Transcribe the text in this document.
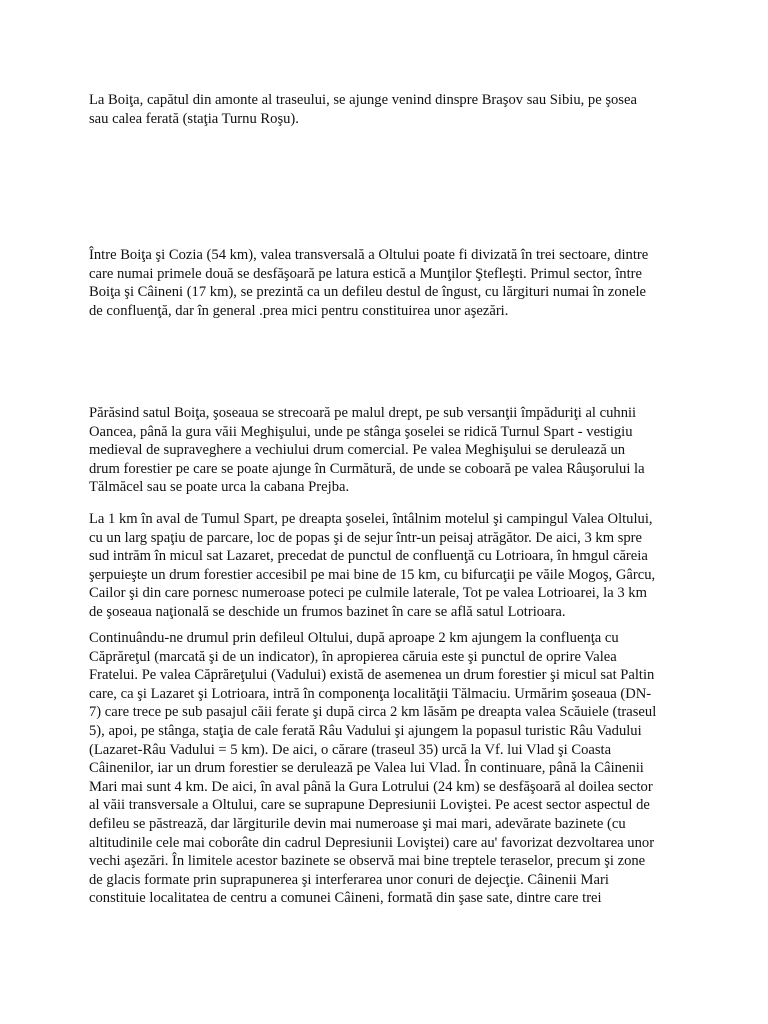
La Boiţa, capătul din amonte al traseului, se ajunge venind dinspre Braşov sau Sibiu, pe şosea
sau calea ferată (staţia Turnu Roşu).
Între Boiţa şi Cozia (54 km), valea transversală a Oltului poate fi divizată în trei sectoare, dintre
care numai primele două se desfăşoară pe latura estică a Munţilor Ştefleşti. Primul sector, între
Boiţa şi Câineni (17 km), se prezintă ca un defileu destul de îngust, cu lărgituri numai în zonele
de confluenţă, dar în general .prea mici pentru constituirea unor aşezări.
Părăsind satul Boiţa, şoseaua se strecoară pe malul drept, pe sub versanţii împăduriţi al cuhnii
Oancea, până la gura văii Meghişului, unde pe stânga şoselei se ridică Turnul Spart - vestigiu
medieval de supraveghere a vechiului drum comercial. Pe valea Meghişului se derulează un
drum forestier pe care se poate ajunge în Curmătură, de unde se coboară pe valea Râuşorului la
Tălmăcel sau se poate urca la cabana Prejba.
La 1 km în aval de Tumul Spart, pe dreapta şoselei, întâlnim motelul şi campingul Valea Oltului,
cu un larg spaţiu de parcare, loc de popas şi de sejur într-un peisaj atrăgător. De aici, 3 km spre
sud intrăm în micul sat Lazaret, precedat de punctul de confluenţă cu Lotrioara, în hmgul căreia
şerpuieşte un drum forestier accesibil pe mai bine de 15 km, cu bifurcaţii pe văile Mogoş, Gârcu,
Cailor şi din care pornesc numeroase poteci pe culmile laterale, Tot pe valea Lotrioarei, la 3 km
de şoseaua naţională se deschide un frumos bazinet în care se află satul Lotrioara.
Continuându-ne drumul prin defileul Oltului, după aproape 2 km ajungem la confluenţa cu
Căprăreţul (marcată şi de un indicator), în apropierea căruia este şi punctul de oprire Valea
Fratelui. Pe valea Căprăreţului (Vadului) există de asemenea un drum forestier şi micul sat Paltin
care, ca şi Lazaret şi Lotrioara, intră în componenţa localităţii Tălmaciu. Urmărim şoseaua (DN-
7) care trece pe sub pasajul căii ferate şi după circa 2 km lăsăm pe dreapta valea Scăuiele (traseul
5), apoi, pe stânga, staţia de cale ferată Râu Vadului şi ajungem la popasul turistic Râu Vadului
(Lazaret-Râu Vadului = 5 km). De aici, o cărare (traseul 35) urcă la Vf. lui Vlad şi Coasta
Câinenilor, iar un drum forestier se derulează pe Valea lui Vlad. În continuare, până la Câinenii
Mari mai sunt 4 km. De aici, în aval până la Gura Lotrului (24 km) se desfăşoară al doilea sector
al văii transversale a Oltului, care se suprapune Depresiunii Loviştei. Pe acest sector aspectul de
defileu se păstrează, dar lărgiturile devin mai numeroase şi mai mari, adevărate bazinete (cu
altitudinile cele mai coborâte din cadrul Depresiunii Loviştei) care au' favorizat dezvoltarea unor
vechi aşezări. În limitele acestor bazinete se observă mai bine treptele teraselor, precum şi zone
de glacis formate prin suprapunerea şi interferarea unor conuri de dejecţie. Câinenii Mari
constituie localitatea de centru a comunei Câineni, formată din şase sate, dintre care trei
